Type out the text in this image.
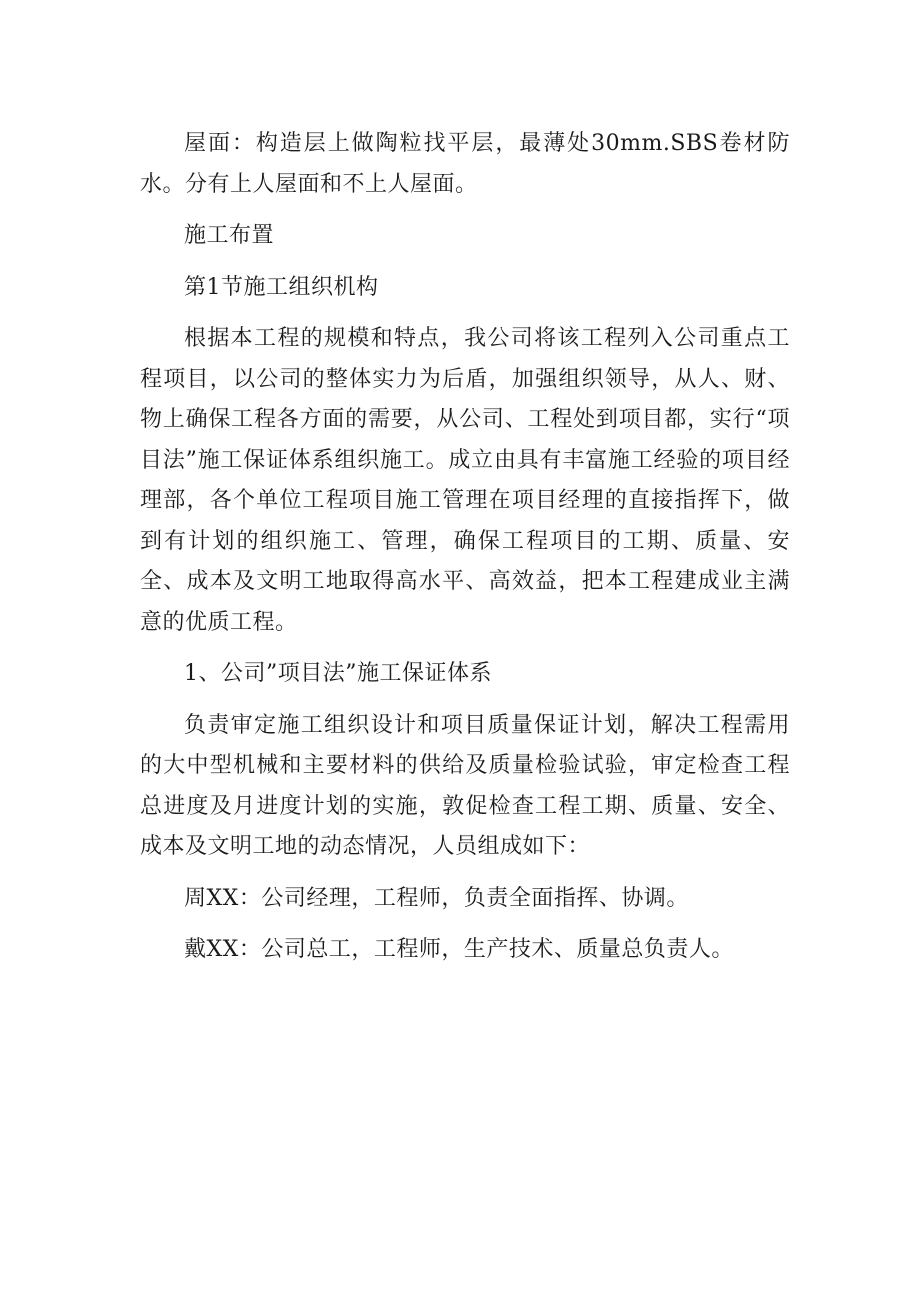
屋面：构造层上做陶粒找平层，最薄处30mm.SBS卷材防水。分有上人屋面和不上人屋面。

施工布置

第1节施工组织机构

根据本工程的规模和特点，我公司将该工程列入公司重点工程项目，以公司的整体实力为后盾，加强组织领导，从人、财、物上确保工程各方面的需要，从公司、工程处到项目都，实行“项目法”施工保证体系组织施工。成立由具有丰富施工经验的项目经理部，各个单位工程项目施工管理在项目经理的直接指挥下，做到有计划的组织施工、管理，确保工程项目的工期、质量、安全、成本及文明工地取得高水平、高效益，把本工程建成业主满意的优质工程。

1、公司”项目法”施工保证体系

负责审定施工组织设计和项目质量保证计划，解决工程需用的大中型机械和主要材料的供给及质量检验试验，审定检查工程总进度及月进度计划的实施，敦促检查工程工期、质量、安全、成本及文明工地的动态情况，人员组成如下：

周XX：公司经理，工程师，负责全面指挥、协调。

戴XX：公司总工，工程师，生产技术、质量总负责人。
